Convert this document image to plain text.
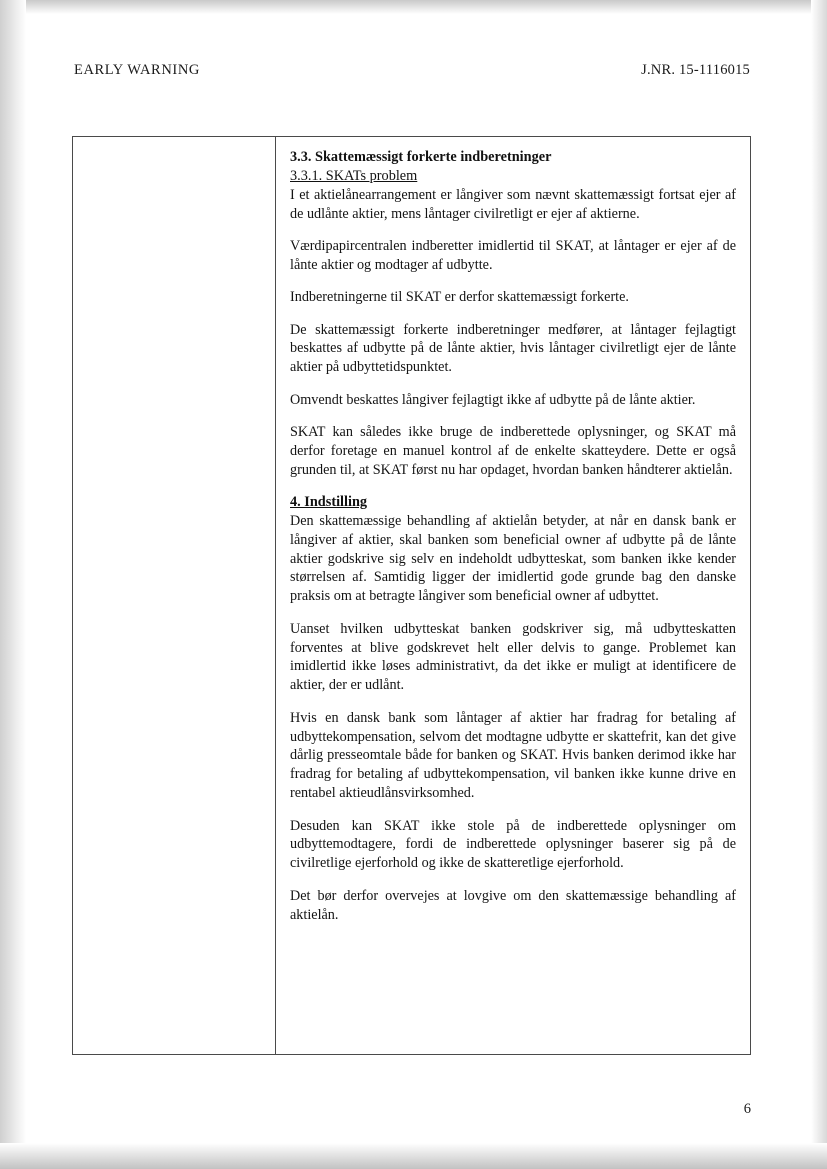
EARLY WARNING	J.NR. 15-1116015
3.3. Skattemæssigt forkerte indberetninger
3.3.1. SKATs problem

I et aktielånearrangement er långiver som nævnt skattemæssigt fortsat ejer af de udlånte aktier, mens låntager civilretligt er ejer af aktierne.

Værdipapircentralen indberetter imidlertid til SKAT, at låntager er ejer af de lånte aktier og modtager af udbytte.

Indberetningerne til SKAT er derfor skattemæssigt forkerte.

De skattemæssigt forkerte indberetninger medfører, at låntager fejlagtigt beskattes af udbytte på de lånte aktier, hvis låntager civilretligt ejer de lånte aktier på udbyttetidspunktet.

Omvendt beskattes långiver fejlagtigt ikke af udbytte på de lånte aktier.

SKAT kan således ikke bruge de indberettede oplysninger, og SKAT må derfor foretage en manuel kontrol af de enkelte skatteydere. Dette er også grunden til, at SKAT først nu har opdaget, hvordan banken håndterer aktielån.

4. Indstilling

Den skattemæssige behandling af aktielån betyder, at når en dansk bank er långiver af aktier, skal banken som beneficial owner af udbytte på de lånte aktier godskrive sig selv en indeholdt udbytteskat, som banken ikke kender størrelsen af. Samtidig ligger der imidlertid gode grunde bag den danske praksis om at betragte långiver som beneficial owner af udbyttet.

Uanset hvilken udbytteskat banken godskriver sig, må udbytteskatten forventes at blive godskrevet helt eller delvis to gange. Problemet kan imidlertid ikke løses administrativt, da det ikke er muligt at identificere de aktier, der er udlånt.

Hvis en dansk bank som låntager af aktier har fradrag for betaling af udbyttekompensation, selvom det modtagne udbytte er skattefrit, kan det give dårlig presseomtale både for banken og SKAT. Hvis banken derimod ikke har fradrag for betaling af udbyttekompensation, vil banken ikke kunne drive en rentabel aktieudlånsvirksomhed.

Desuden kan SKAT ikke stole på de indberettede oplysninger om udbyttemodtagere, fordi de indberettede oplysninger baserer sig på de civilretlige ejerforhold og ikke de skatteretlige ejerforhold.

Det bør derfor overvejes at lovgive om den skattemæssige behandling af aktielån.

6
